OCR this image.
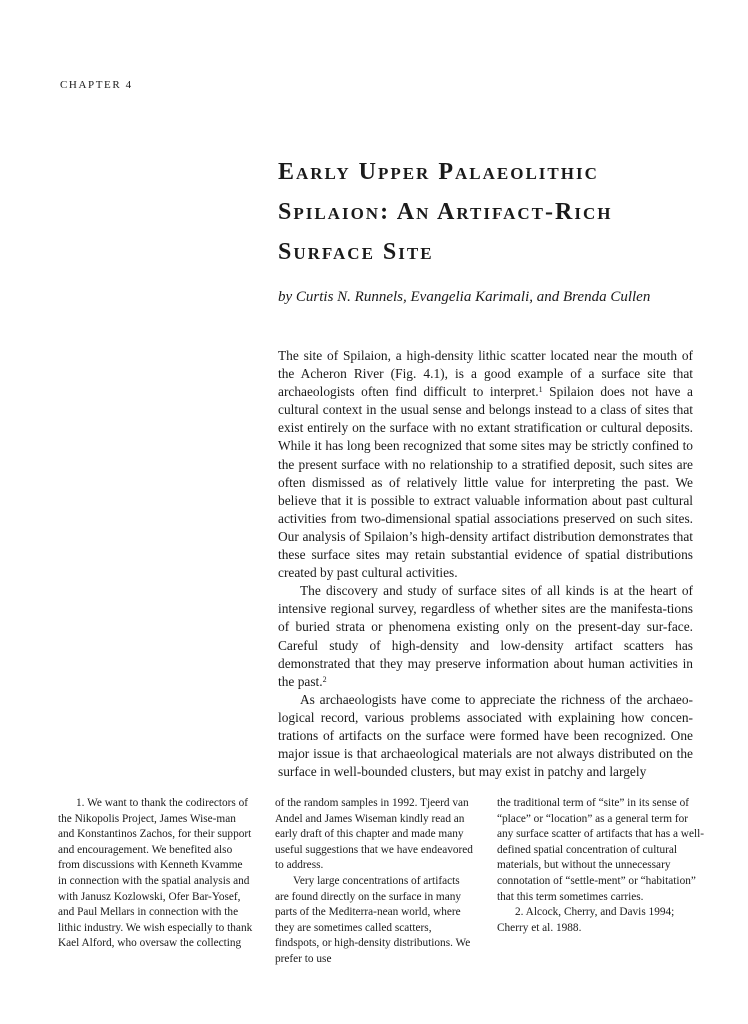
CHAPTER 4
Early Upper Palaeolithic
Spilaion: An Artifact-Rich
Surface Site
by Curtis N. Runnels, Evangelia Karimali, and Brenda Cullen

The site of Spilaion, a high-density lithic scatter located near the mouth of the Acheron River (Fig. 4.1), is a good example of a surface site that archaeologists often find difficult to interpret.$^1$ Spilaion does not have a cultural context in the usual sense and belongs instead to a class of sites that exist entirely on the surface with no extant stratification or cultural deposits. While it has long been recognized that some sites may be strictly confined to the present surface with no relationship to a stratified deposit, such sites are often dismissed as of relatively little value for interpreting the past. We believe that it is possible to extract valuable information about past cultural activities from two-dimensional spatial associations preserved on such sites. Our analysis of Spilaion’s high-density artifact distribution demonstrates that these surface sites may retain substantial evidence of spatial distributions created by past cultural activities.

The discovery and study of surface sites of all kinds is at the heart of intensive regional survey, regardless of whether sites are the manifesta-tions of buried strata or phenomena existing only on the present-day sur-face. Careful study of high-density and low-density artifact scatters has demonstrated that they may preserve information about human activities in the past.$^2$

As archaeologists have come to appreciate the richness of the archaeo-logical record, various problems associated with explaining how concen-trations of artifacts on the surface were formed have been recognized. One major issue is that archaeological materials are not always distributed on the surface in well-bounded clusters, but may exist in patchy and largely

1. We want to thank the codirectors of the Nikopolis Project, James Wise-man and Konstantinos Zachos, for their support and encouragement. We benefited also from discussions with Kenneth Kvamme in connection with the spatial analysis and with Janusz Kozlowski, Ofer Bar-Yosef, and Paul Mellars in connection with the lithic industry. We wish especially to thank Kael Alford, who oversaw the collecting

of the random samples in 1992. Tjeerd van Andel and James Wiseman kindly read an early draft of this chapter and made many useful suggestions that we have endeavored to address.

Very large concentrations of artifacts are found directly on the surface in many parts of the Mediterra-nean world, where they are sometimes called scatters, findspots, or high-density distributions. We prefer to use

the traditional term of “site” in its sense of “place” or “location” as a general term for any surface scatter of artifacts that has a well-defined spatial concentration of cultural materials, but without the unnecessary connotation of “settle-ment” or “habitation” that this term sometimes carries.

2. Alcock, Cherry, and Davis 1994; Cherry et al. 1988.
